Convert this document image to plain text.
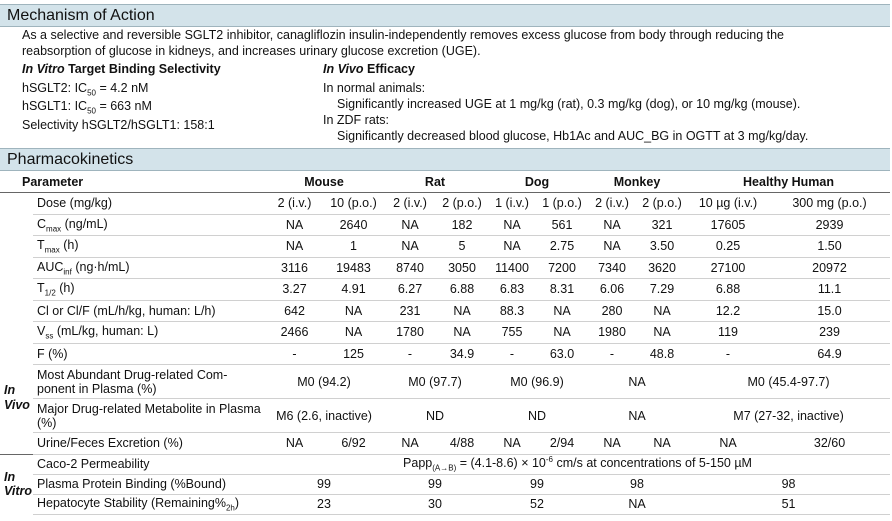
Mechanism of Action
As a selective and reversible SGLT2 inhibitor, canagliflozin insulin-independently removes excess glucose from body through reducing the
reabsorption of glucose in kidneys, and increases urinary glucose excretion (UGE).
In Vitro Target Binding Selectivity
hSGLT2: $IC_{50} = 4.2$ nM
hSGLT1: $IC_{50} = 663$ nM
Selectivity hSGLT2/hSGLT1: 158:1
In Vivo Efficacy
In normal animals:
Significantly increased UGE at 1 mg/kg (rat), 0.3 mg/kg (dog), or 10 mg/kg (mouse).
In ZDF rats:
Significantly decreased blood glucose, Hb1Ac and AUC_BG in OGTT at 3 mg/kg/day.
Pharmacokinetics
Parameter		Mouse		Rat		Dog		Monkey		Healthy Human	

In
Vivo	Dose (mg/kg)	2 (i.v.)	10 (p.o.)	2 (i.v.)	2 (p.o.)	1 (i.v.)	1 (p.o.)	2 (i.v.)	2 (p.o.)	10 µg (i.v.)	300 mg (p.o.)
	$C_{max}$ (ng/mL)	NA	2640	NA	182	NA	561	NA	321	17605	2939
	$T_{max}$ (h)	NA	1	NA	5	NA	2.75	NA	3.50	0.25	1.50
	$AUC_{inf}$ (ng·h/mL)	3116	19483	8740	3050	11400	7200	7340	3620	27100	20972
	$T_{1/2}$ (h)	3.27	4.91	6.27	6.88	6.83	8.31	6.06	7.29	6.88	11.1
	Cl or Cl/F (mL/h/kg, human: L/h)	642	NA	231	NA	88.3	NA	280	NA	12.2	15.0
	$V_{ss}$ (mL/kg, human: L)	2466	NA	1780	NA	755	NA	1980	NA	119	239
	F (%)	-	125	-	34.9	-	63.0	-	48.8	-	64.9
	Most Abundant Drug-related Com-ponent in Plasma (%)	M0 (94.2)		M0 (97.7)		M0 (96.9)		NA		M0 (45.4-97.7)	
	Major Drug-related Metabolite in Plasma (%)	M6 (2.6, inactive)		ND		ND		NA		M7 (27-32, inactive)	
	Urine/Feces Excretion (%)	NA	6/92	NA	4/88	NA	2/94	NA	NA	NA	32/60

In
Vitro	Caco-2 Permeability	Papp$_{(A\to B)}$ = $(4.1-8.6) \times 10^{-6}$ cm/s at concentrations of 5-150 µM									
	Plasma Protein Binding (%Bound)	99		99		99		98		98	
	Hepatocyte Stability $(Remaining\%_{2h})$	23		30		52		NA		51	
